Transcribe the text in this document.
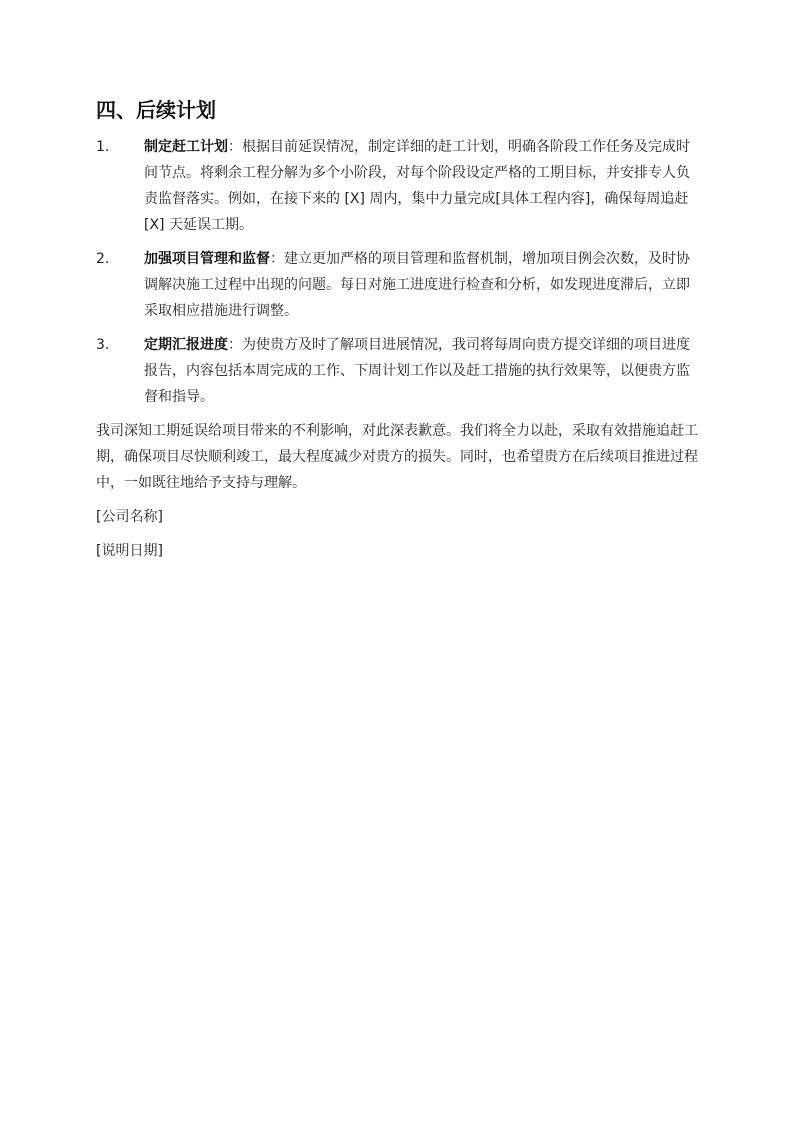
四、后续计划
1.	制定赶工计划：根据目前延误情况，制定详细的赶工计划，明确各阶段工作任务及完成时间节点。将剩余工程分解为多个小阶段，对每个阶段设定严格的工期目标，并安排专人负责监督落实。例如，在接下来的 [X] 周内，集中力量完成[具体工程内容]，确保每周追赶 [X] 天延误工期。
2.	加强项目管理和监督：建立更加严格的项目管理和监督机制，增加项目例会次数，及时协调解决施工过程中出现的问题。每日对施工进度进行检查和分析，如发现进度滞后，立即采取相应措施进行调整。
3.	定期汇报进度：为使贵方及时了解项目进展情况，我司将每周向贵方提交详细的项目进度报告，内容包括本周完成的工作、下周计划工作以及赶工措施的执行效果等，以便贵方监督和指导。

我司深知工期延误给项目带来的不利影响，对此深表歉意。我们将全力以赴，采取有效措施追赶工期，确保项目尽快顺利竣工，最大程度减少对贵方的损失。同时，也希望贵方在后续项目推进过程中，一如既往地给予支持与理解。

[公司名称]

[说明日期]
